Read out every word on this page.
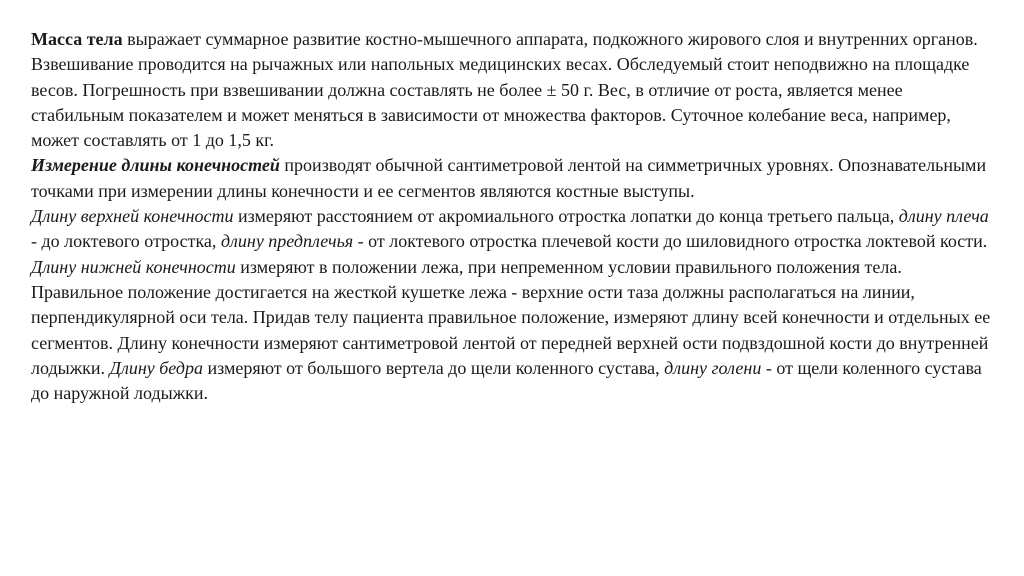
Масса тела выражает суммарное развитие костно-мышечного аппарата, подкожного жирового слоя и внутренних органов. Взвешивание проводится на рычажных или напольных медицинских весах. Обследуемый стоит неподвижно на площадке весов. Погрешность при взвешивании должна составлять не более ± 50 г. Вес, в отличие от роста, является менее стабильным показателем и может меняться в зависимости от множества факторов. Суточное колебание веса, например, может составлять от 1 до 1,5 кг.

Измерение длины конечностей производят обычной сантиметровой лентой на симметричных уровнях. Опознавательными точками при измерении длины конечности и ее сегментов являются костные выступы.

Длину верхней конечности измеряют расстоянием от акромиального отростка лопатки до конца третьего пальца, длину плеча - до локтевого отростка, длину предплечья - от локтевого отростка плечевой кости до шиловидного отростка локтевой кости.

Длину нижней конечности измеряют в положении лежа, при непременном условии правильного положения тела. Правильное положение достигается на жесткой кушетке лежа - верхние ости таза должны располагаться на линии, перпендикулярной оси тела. Придав телу пациента правильное положение, измеряют длину всей конечности и отдельных ее сегментов. Длину конечности измеряют сантиметровой лентой от передней верхней ости подвздошной кости до внутренней лодыжки. Длину бедра измеряют от большого вертела до щели коленного сустава, длину голени - от щели коленного сустава до наружной лодыжки.
